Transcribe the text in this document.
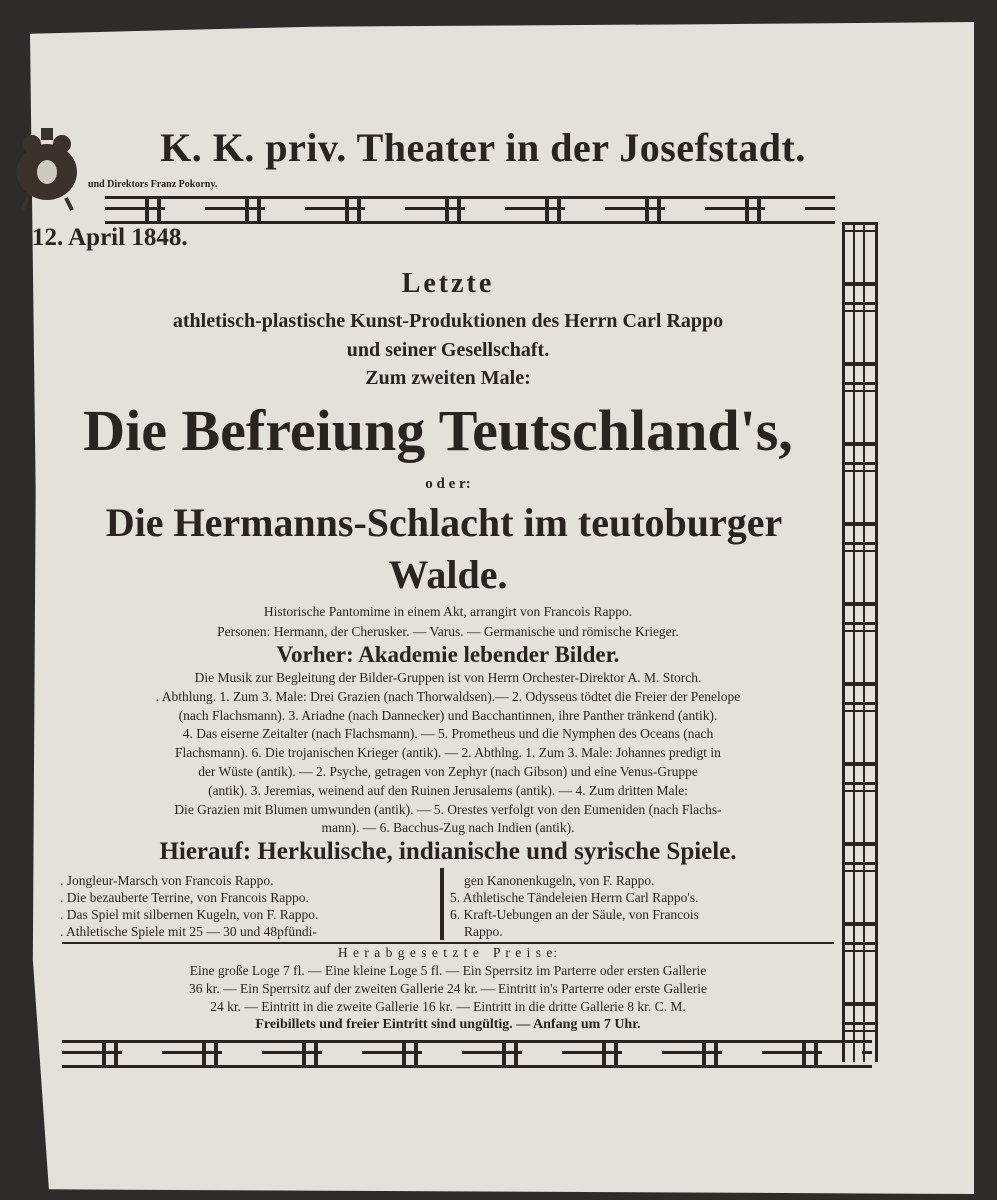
K. K. priv. Theater in der Josefstadt.
und Direktors Franz Pokorny.
12. April 1848.
Letzte
athletisch-plastische Kunst-Produktionen des Herrn Carl Rappo
und seiner Gesellschaft.
Zum zweiten Male:
Die Befreiung Teutschland's,
o d e r:
Die Hermanns-Schlacht im teutoburger
Walde.
Historische Pantomime in einem Akt, arrangirt von Francois Rappo.
Personen: Hermann, der Cherusker. — Varus. — Germanische und römische Krieger.
Vorher: Akademie lebender Bilder.
Die Musik zur Begleitung der Bilder-Gruppen ist von Herrn Orchester-Direktor A. M. Storch.
. Abthlung. 1. Zum 3. Male: Drei Grazien (nach Thorwaldsen).— 2. Odysseus tödtet die Freier der Penelope
(nach Flachsmann). 3. Ariadne (nach Dannecker) und Bacchantinnen, ihre Panther tränkend (antik).
4. Das eiserne Zeitalter (nach Flachsmann). — 5. Prometheus und die Nymphen des Oceans (nach
Flachsmann). 6. Die trojanischen Krieger (antik). — 2. Abthlng. 1. Zum 3. Male: Johannes predigt in
der Wüste (antik). — 2. Psyche, getragen von Zephyr (nach Gibson) und eine Venus-Gruppe
(antik). 3. Jeremias, weinend auf den Ruinen Jerusalems (antik). — 4. Zum dritten Male:
Die Grazien mit Blumen umwunden (antik). — 5. Orestes verfolgt von den Eumeniden (nach Flachs-
mann). — 6. Bacchus-Zug nach Indien (antik).
Hierauf: Herkulische, indianische und syrische Spiele.
. Jongleur-Marsch von Francois Rappo.
. Die bezauberte Terrine, von Francois Rappo.
. Das Spiel mit silbernen Kugeln, von F. Rappo.
. Athletische Spiele mit 25 — 30 und 48pfündi-
gen Kanonenkugeln, von F. Rappo.
5. Athletische Tändeleien Herrn Carl Rappo's.
6. Kraft-Uebungen an der Säule, von Francois
Rappo.
H e r a b g e s e t z t e   P r e i s e:
Eine große Loge 7 fl. — Eine kleine Loge 5 fl. — Ein Sperrsitz im Parterre oder ersten Gallerie
36 kr. — Ein Sperrsitz auf der zweiten Gallerie 24 kr. — Eintritt in's Parterre oder erste Gallerie
24 kr. — Eintritt in die zweite Gallerie 16 kr. — Eintritt in die dritte Gallerie 8 kr. C. M.
Freibillets und freier Eintritt sind ungültig. — Anfang um 7 Uhr.
